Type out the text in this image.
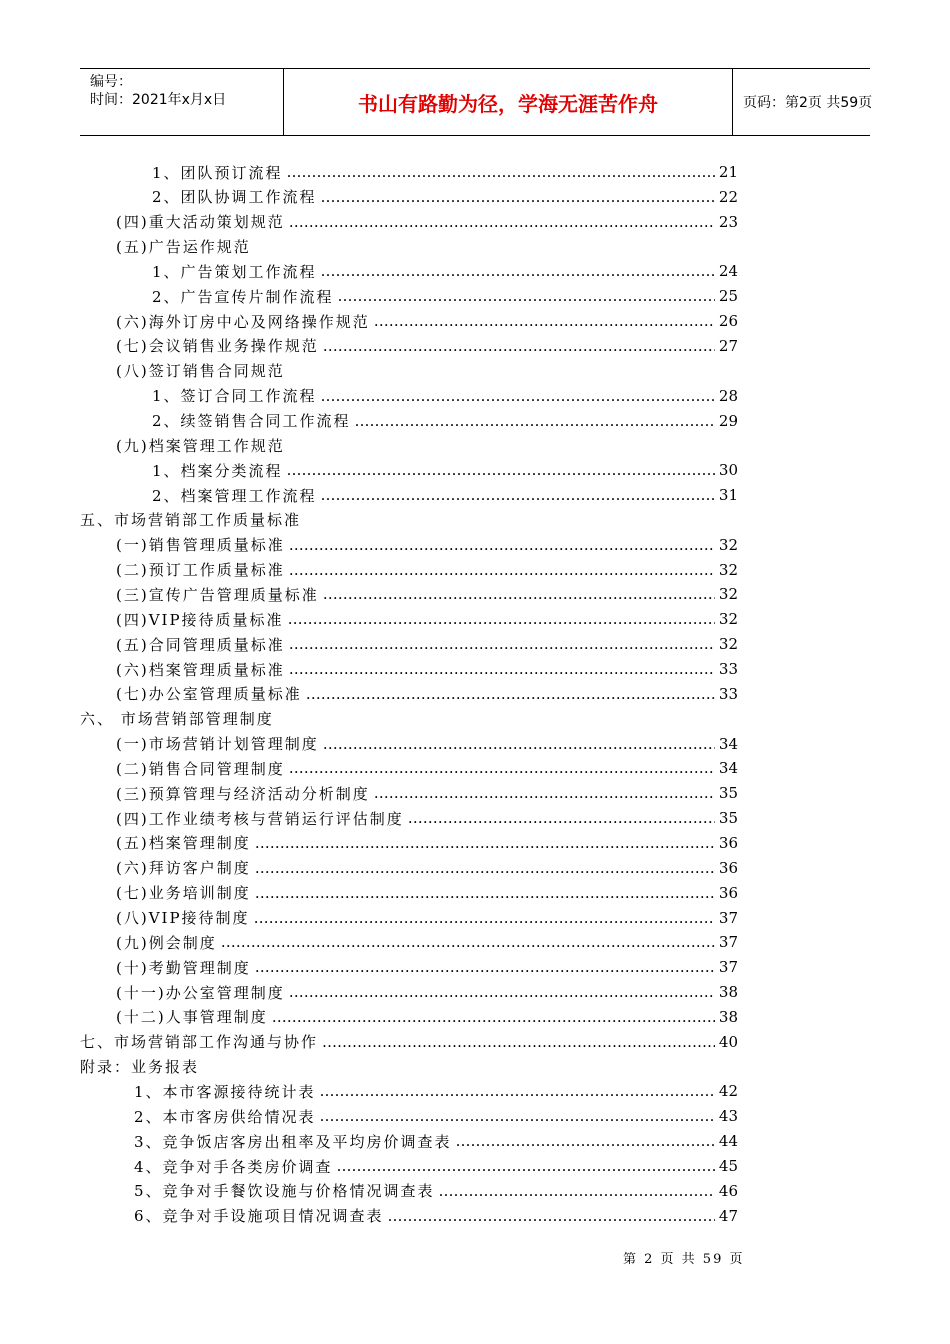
编号：
时间：2021年x月x日	书山有路勤为径，学海无涯苦作舟	页码：第2页 共59页
1、团队预订流程 …………………………………………………………………………………………………………………………………………………………………	21
2、团队协调工作流程 …………………………………………………………………………………………………………………………………………………………………	22
(四)重大活动策划规范 …………………………………………………………………………………………………………………………………………………………………	23
(五)广告运作规范
1、广告策划工作流程 …………………………………………………………………………………………………………………………………………………………………	24
2、广告宣传片制作流程 …………………………………………………………………………………………………………………………………………………………………	25
(六)海外订房中心及网络操作规范 …………………………………………………………………………………………………………………………………………………………………	26
(七)会议销售业务操作规范 …………………………………………………………………………………………………………………………………………………………………	27
(八)签订销售合同规范
1、签订合同工作流程 …………………………………………………………………………………………………………………………………………………………………	28
2、续签销售合同工作流程 …………………………………………………………………………………………………………………………………………………………………	29
(九)档案管理工作规范
1、档案分类流程 …………………………………………………………………………………………………………………………………………………………………	30
2、档案管理工作流程 …………………………………………………………………………………………………………………………………………………………………	31
五、市场营销部工作质量标准
(一)销售管理质量标准 …………………………………………………………………………………………………………………………………………………………………	32
(二)预订工作质量标准 …………………………………………………………………………………………………………………………………………………………………	32
(三)宣传广告管理质量标准 …………………………………………………………………………………………………………………………………………………………………	32
(四)VIP接待质量标准 …………………………………………………………………………………………………………………………………………………………………	32
(五)合同管理质量标准 …………………………………………………………………………………………………………………………………………………………………	32
(六)档案管理质量标准 …………………………………………………………………………………………………………………………………………………………………	33
(七)办公室管理质量标准 …………………………………………………………………………………………………………………………………………………………………	33
六、 市场营销部管理制度
(一)市场营销计划管理制度 …………………………………………………………………………………………………………………………………………………………………	34
(二)销售合同管理制度 …………………………………………………………………………………………………………………………………………………………………	34
(三)预算管理与经济活动分析制度 …………………………………………………………………………………………………………………………………………………………………	35
(四)工作业绩考核与营销运行评估制度 …………………………………………………………………………………………………………………………………………………………………	35
(五)档案管理制度 …………………………………………………………………………………………………………………………………………………………………	36
(六)拜访客户制度 …………………………………………………………………………………………………………………………………………………………………	36
(七)业务培训制度 …………………………………………………………………………………………………………………………………………………………………	36
(八)VIP接待制度 …………………………………………………………………………………………………………………………………………………………………	37
(九)例会制度 …………………………………………………………………………………………………………………………………………………………………	37
(十)考勤管理制度 …………………………………………………………………………………………………………………………………………………………………	37
(十一)办公室管理制度 …………………………………………………………………………………………………………………………………………………………………	38
(十二)人事管理制度 …………………………………………………………………………………………………………………………………………………………………	38
七、市场营销部工作沟通与协作 …………………………………………………………………………………………………………………………………………………………………	40
附录：业务报表
1、本市客源接待统计表 …………………………………………………………………………………………………………………………………………………………………	42
2、本市客房供给情况表 …………………………………………………………………………………………………………………………………………………………………	43
3、竞争饭店客房出租率及平均房价调查表 …………………………………………………………………………………………………………………………………………………………………	44
4、竞争对手各类房价调查 …………………………………………………………………………………………………………………………………………………………………	45
5、竞争对手餐饮设施与价格情况调查表 …………………………………………………………………………………………………………………………………………………………………	46
6、竞争对手设施项目情况调查表 …………………………………………………………………………………………………………………………………………………………………	47
第 2 页 共 59 页
